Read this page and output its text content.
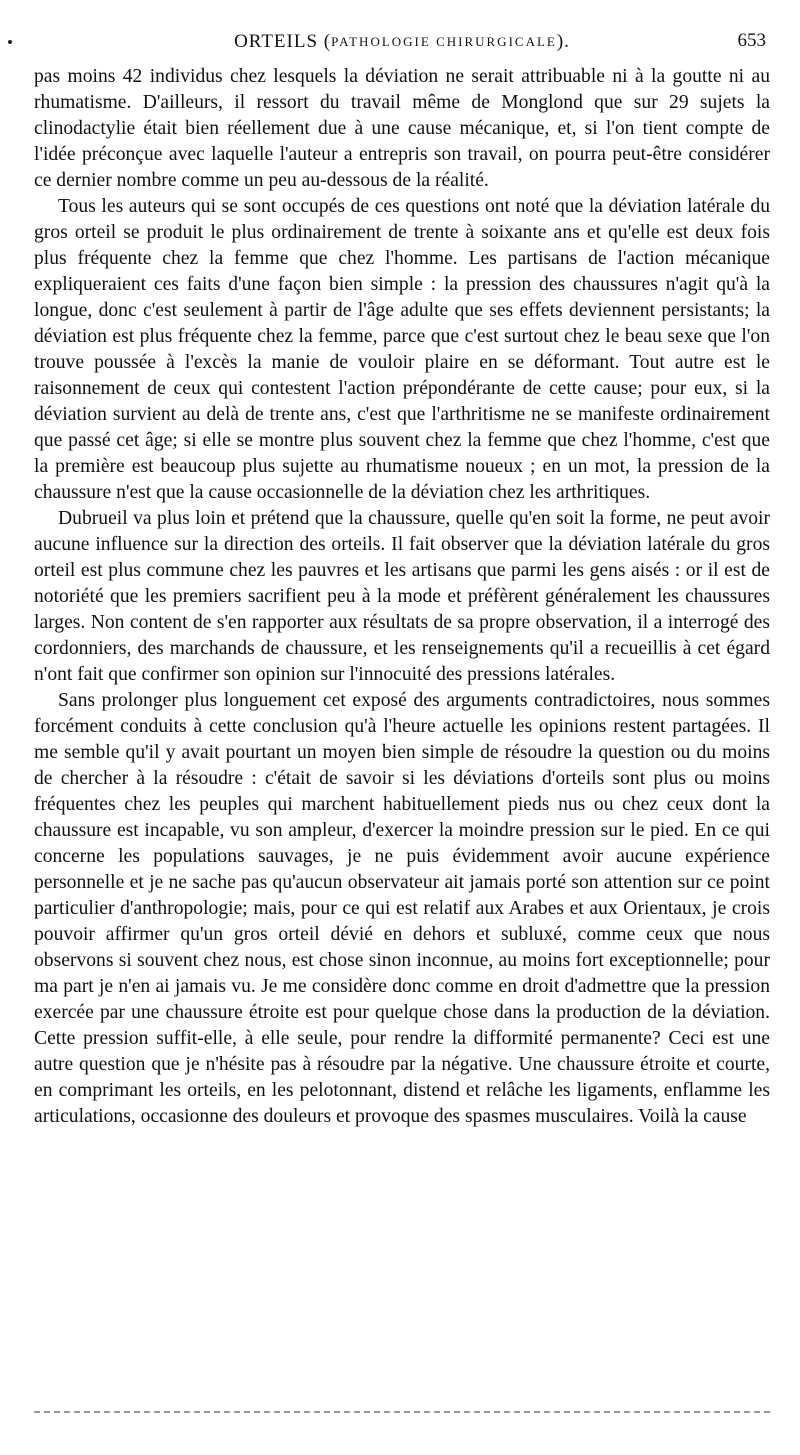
ORTEILS ( PATHOLOGIE CHIRURGICALE ).	653

pas moins 42 individus chez lesquels la déviation ne serait attribuable ni à la goutte ni au rhumatisme. D'ailleurs, il ressort du travail même de Monglond que sur 29 sujets la clinodactylie était bien réellement due à une cause mécanique, et, si l'on tient compte de l'idée préconçue avec laquelle l'auteur a entrepris son travail, on pourra peut-être considérer ce dernier nombre comme un peu au-dessous de la réalité.

Tous les auteurs qui se sont occupés de ces questions ont noté que la déviation latérale du gros orteil se produit le plus ordinairement de trente à soixante ans et qu'elle est deux fois plus fréquente chez la femme que chez l'homme. Les partisans de l'action mécanique expliqueraient ces faits d'une façon bien simple : la pression des chaussures n'agit qu'à la longue, donc c'est seulement à partir de l'âge adulte que ses effets deviennent persistants; la déviation est plus fréquente chez la femme, parce que c'est surtout chez le beau sexe que l'on trouve poussée à l'excès la manie de vouloir plaire en se déformant. Tout autre est le raisonnement de ceux qui contestent l'action prépondérante de cette cause; pour eux, si la déviation survient au delà de trente ans, c'est que l'arthritisme ne se manifeste ordinairement que passé cet âge; si elle se montre plus souvent chez la femme que chez l'homme, c'est que la première est beaucoup plus sujette au rhumatisme noueux ; en un mot, la pression de la chaussure n'est que la cause occasionnelle de la déviation chez les arthritiques.

Dubrueil va plus loin et prétend que la chaussure, quelle qu'en soit la forme, ne peut avoir aucune influence sur la direction des orteils. Il fait observer que la déviation latérale du gros orteil est plus commune chez les pauvres et les artisans que parmi les gens aisés : or il est de notoriété que les premiers sacrifient peu à la mode et préfèrent généralement les chaussures larges. Non content de s'en rapporter aux résultats de sa propre observation, il a interrogé des cordonniers, des marchands de chaussure, et les renseignements qu'il a recueillis à cet égard n'ont fait que confirmer son opinion sur l'innocuité des pressions latérales.

Sans prolonger plus longuement cet exposé des arguments contradictoires, nous sommes forcément conduits à cette conclusion qu'à l'heure actuelle les opinions restent partagées. Il me semble qu'il y avait pourtant un moyen bien simple de résoudre la question ou du moins de chercher à la résoudre : c'était de savoir si les déviations d'orteils sont plus ou moins fréquentes chez les peuples qui marchent habituellement pieds nus ou chez ceux dont la chaussure est incapable, vu son ampleur, d'exercer la moindre pression sur le pied. En ce qui concerne les populations sauvages, je ne puis évidemment avoir aucune expérience personnelle et je ne sache pas qu'aucun observateur ait jamais porté son attention sur ce point particulier d'anthropologie; mais, pour ce qui est relatif aux Arabes et aux Orientaux, je crois pouvoir affirmer qu'un gros orteil dévié en dehors et subluxé, comme ceux que nous observons si souvent chez nous, est chose sinon inconnue, au moins fort exceptionnelle; pour ma part je n'en ai jamais vu. Je me considère donc comme en droit d'admettre que la pression exercée par une chaussure étroite est pour quelque chose dans la production de la déviation. Cette pression suffit-elle, à elle seule, pour rendre la difformité permanente? Ceci est une autre question que je n'hésite pas à résoudre par la négative. Une chaussure étroite et courte, en comprimant les orteils, en les pelotonnant, distend et relâche les ligaments, enflamme les articulations, occasionne des douleurs et provoque des spasmes musculaires. Voilà la cause
